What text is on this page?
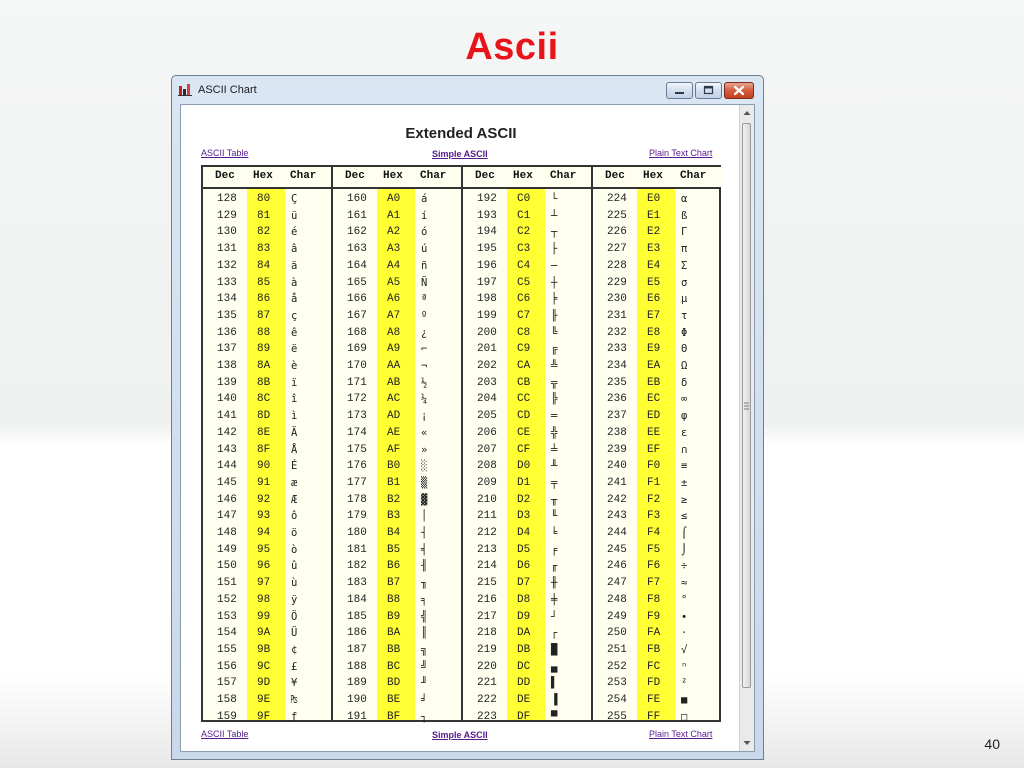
Ascii
ASCII Chart
Extended ASCII
ASCII Table	Simple ASCII	Plain Text Chart
Dec Hex Char
128 80 Ç
129 81 ü
130 82 é
131 83 â
132 84 ä
133 85 à
134 86 å
135 87 ç
136 88 ê
137 89 ë
138 8A è
139 8B ï
140 8C î
141 8D ì
142 8E Ä
143 8F Å
144 90 É
145 91 æ
146 92 Æ
147 93 ô
148 94 ö
149 95 ò
150 96 û
151 97 ù
152 98 ÿ
153 99 Ö
154 9A Ü
155 9B ¢
156 9C £
157 9D ¥
158 9E ₧
159 9F ƒ
Dec Hex Char
160 A0 á
161 A1 í
162 A2 ó
163 A3 ú
164 A4 ñ
165 A5 Ñ
166 A6 ª
167 A7 º
168 A8 ¿
169 A9 ⌐
170 AA ¬
171 AB ½
172 AC ¼
173 AD ¡
174 AE «
175 AF »
176 B0 ░
177 B1 ▒
178 B2 ▓
179 B3 │
180 B4 ┤
181 B5 ╡
182 B6 ╢
183 B7 ╖
184 B8 ╕
185 B9 ╣
186 BA ║
187 BB ╗
188 BC ╝
189 BD ╜
190 BE ╛
191 BF ┐
Dec Hex Char
192 C0 └
193 C1 ┴
194 C2 ┬
195 C3 ├
196 C4 ─
197 C5 ┼
198 C6 ╞
199 C7 ╟
200 C8 ╚
201 C9 ╔
202 CA ╩
203 CB ╦
204 CC ╠
205 CD ═
206 CE ╬
207 CF ╧
208 D0 ╨
209 D1 ╤
210 D2 ╥
211 D3 ╙
212 D4 ╘
213 D5 ╒
214 D6 ╓
215 D7 ╫
216 D8 ╪
217 D9 ┘
218 DA ┌
219 DB █
220 DC ▄
221 DD ▌
222 DE ▐
223 DF ▀
Dec Hex Char
224 E0 α
225 E1 ß
226 E2 Γ
227 E3 π
228 E4 Σ
229 E5 σ
230 E6 µ
231 E7 τ
232 E8 Φ
233 E9 Θ
234 EA Ω
235 EB δ
236 EC ∞
237 ED φ
238 EE ε
239 EF ∩
240 F0 ≡
241 F1 ±
242 F2 ≥
243 F3 ≤
244 F4 ⌠
245 F5 ⌡
246 F6 ÷
247 F7 ≈
248 F8 °
249 F9 ∙
250 FA ·
251 FB √
252 FC ⁿ
253 FD ²
254 FE ■
255 FF □
ASCII Table	Simple ASCII	Plain Text Chart
40
